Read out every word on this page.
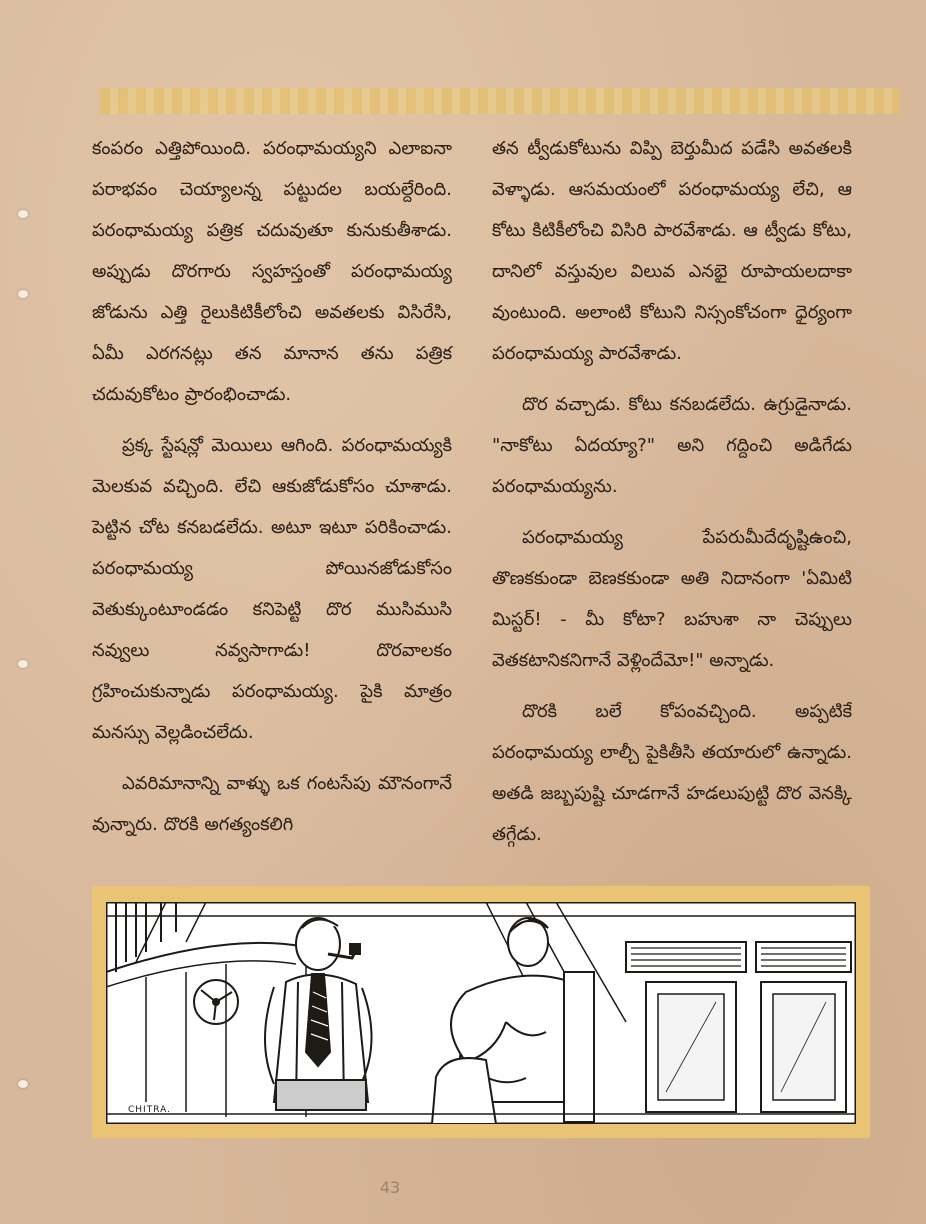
కంపరం ఎత్తిపోయింది. పరంధామయ్యని ఎలాఐనా పరాభవం చెయ్యాలన్న పట్టుదల బయల్దేరింది. పరంధామయ్య పత్రిక చదువుతూ కునుకుతీశాడు. అప్పుడు దొరగారు స్వహస్తంతో పరంధామయ్య జోడును ఎత్తి రైలుకిటికీలోంచి అవతలకు విసిరేసి, ఏమీ ఎరగనట్లు తన మానాన తను పత్రిక చదువుకోటం ప్రారంభించాడు.

ప్రక్క స్టేషన్లో మెయిలు ఆగింది. పరంధామయ్యకి మెలకువ వచ్చింది. లేచి ఆకుజోడుకోసం చూశాడు. పెట్టిన చోట కనబడలేదు. అటూ ఇటూ పరికించాడు. పరంధామయ్య పోయినజోడుకోసం వెతుక్కుంటూండడం కనిపెట్టి దొర ముసిముసి నవ్వులు నవ్వసాగాడు! దొరవాలకం గ్రహించుకున్నాడు పరంధామయ్య. పైకి మాత్రం మనస్సు వెల్లడించలేదు.

ఎవరిమానాన్ని వాళ్ళు ఒక గంటసేపు మౌనంగానే వున్నారు. దొరకి అగత్యంకలిగి

తన ట్వీడుకోటును విప్పి బెర్తుమీద పడేసి అవతలకి వెళ్ళాడు. ఆసమయంలో పరంధామయ్య లేచి, ఆ కోటు కిటికీలోంచి విసిరి పారవేశాడు. ఆ ట్వీడు కోటు, దానిలో వస్తువుల విలువ ఎనభై రూపాయలదాకా వుంటుంది. అలాంటి కోటుని నిస్సంకోచంగా ధైర్యంగా పరంధామయ్య పారవేశాడు.

దొర వచ్చాడు. కోటు కనబడలేదు. ఉగ్రుడైనాడు. "నాకోటు ఏదయ్యా?" అని గద్దించి అడిగేడు పరంధామయ్యను.

పరంధామయ్య పేపరుమీదేదృష్టిఉంచి, తొణకకుండా బెణకకుండా అతి నిదానంగా 'ఏమిటి మిస్టర్! - మీ కోటా? బహుశా నా చెప్పులు వెతకటానికనిగానే వెళ్లిందేమో!" అన్నాడు.

దొరకి బలే కోపంవచ్చింది. అప్పటికే పరంధామయ్య లాల్చీ పైకితీసి తయారులో ఉన్నాడు. అతడి జబ్బపుష్టి చూడగానే హడలుపుట్టి దొర వెనక్కి తగ్గేడు.

CHITRA.
43
